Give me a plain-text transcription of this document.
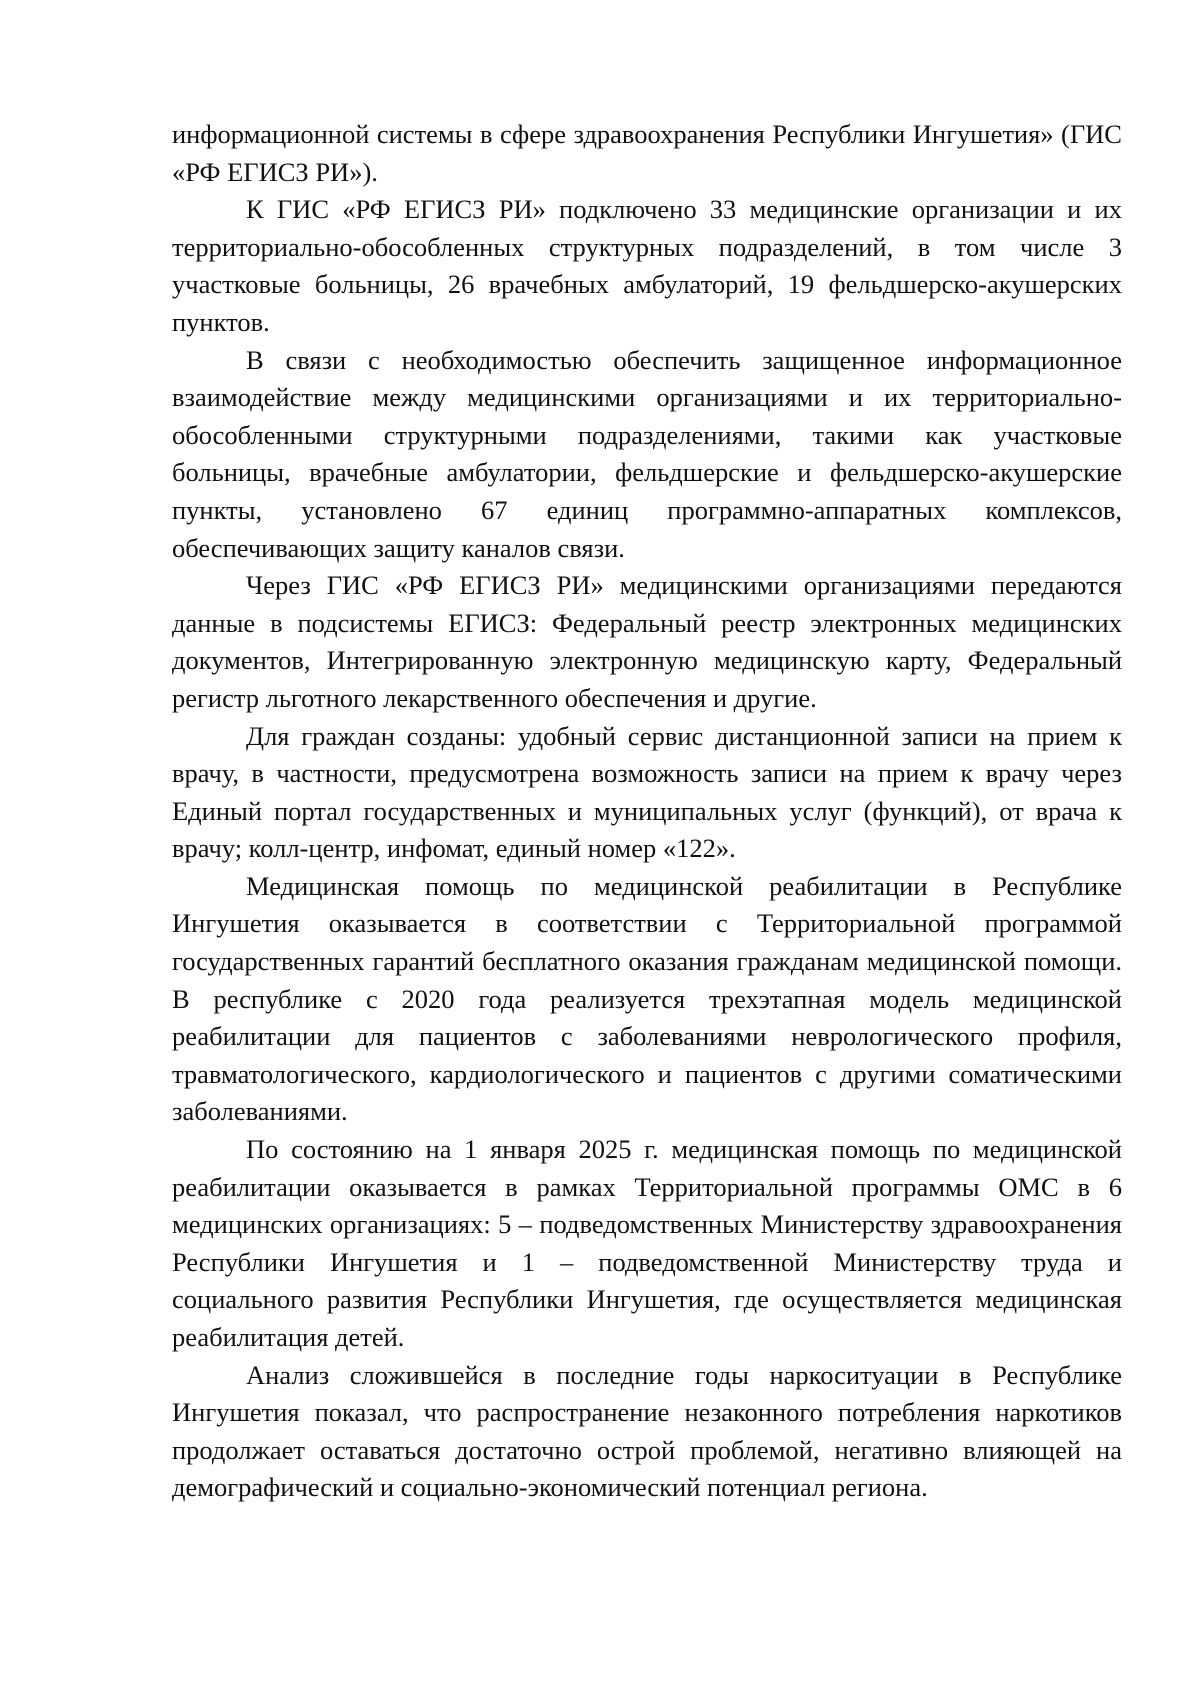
информационной системы в сфере здравоохранения Республики Ингушетия» (ГИС «РФ ЕГИСЗ РИ»).

К ГИС «РФ ЕГИСЗ РИ» подключено 33 медицинские организации и их территориально-обособленных структурных подразделений, в том числе 3 участковые больницы, 26 врачебных амбулаторий, 19 фельдшерско-акушерских пунктов.

В связи с необходимостью обеспечить защищенное информационное взаимодействие между медицинскими организациями и их территориально-обособленными структурными подразделениями, такими как участковые больницы, врачебные амбулатории, фельдшерские и фельдшерско-акушерские пункты, установлено 67 единиц программно-аппаратных комплексов, обеспечивающих защиту каналов связи.

Через ГИС «РФ ЕГИСЗ РИ» медицинскими организациями передаются данные в подсистемы ЕГИСЗ: Федеральный реестр электронных медицинских документов, Интегрированную электронную медицинскую карту, Федеральный регистр льготного лекарственного обеспечения и другие.

Для граждан созданы: удобный сервис дистанционной записи на прием к врачу, в частности, предусмотрена возможность записи на прием к врачу через Единый портал государственных и муниципальных услуг (функций), от врача к врачу; колл-центр, инфомат, единый номер «122».

Медицинская помощь по медицинской реабилитации в Республике Ингушетия оказывается в соответствии с Территориальной программой государственных гарантий бесплатного оказания гражданам медицинской помощи. В республике с 2020 года реализуется трехэтапная модель медицинской реабилитации для пациентов с заболеваниями неврологического профиля, травматологического, кардиологического и пациентов с другими соматическими заболеваниями.

По состоянию на 1 января 2025 г. медицинская помощь по медицинской реабилитации оказывается в рамках Территориальной программы ОМС в 6 медицинских организациях: 5 – подведомственных Министерству здравоохранения Республики Ингушетия и 1 – подведомственной Министерству труда и социального развития Республики Ингушетия, где осуществляется медицинская реабилитация детей.

Анализ сложившейся в последние годы наркоситуации в Республике Ингушетия показал, что распространение незаконного потребления наркотиков продолжает оставаться достаточно острой проблемой, негативно влияющей на демографический и социально-экономический потенциал региона.
